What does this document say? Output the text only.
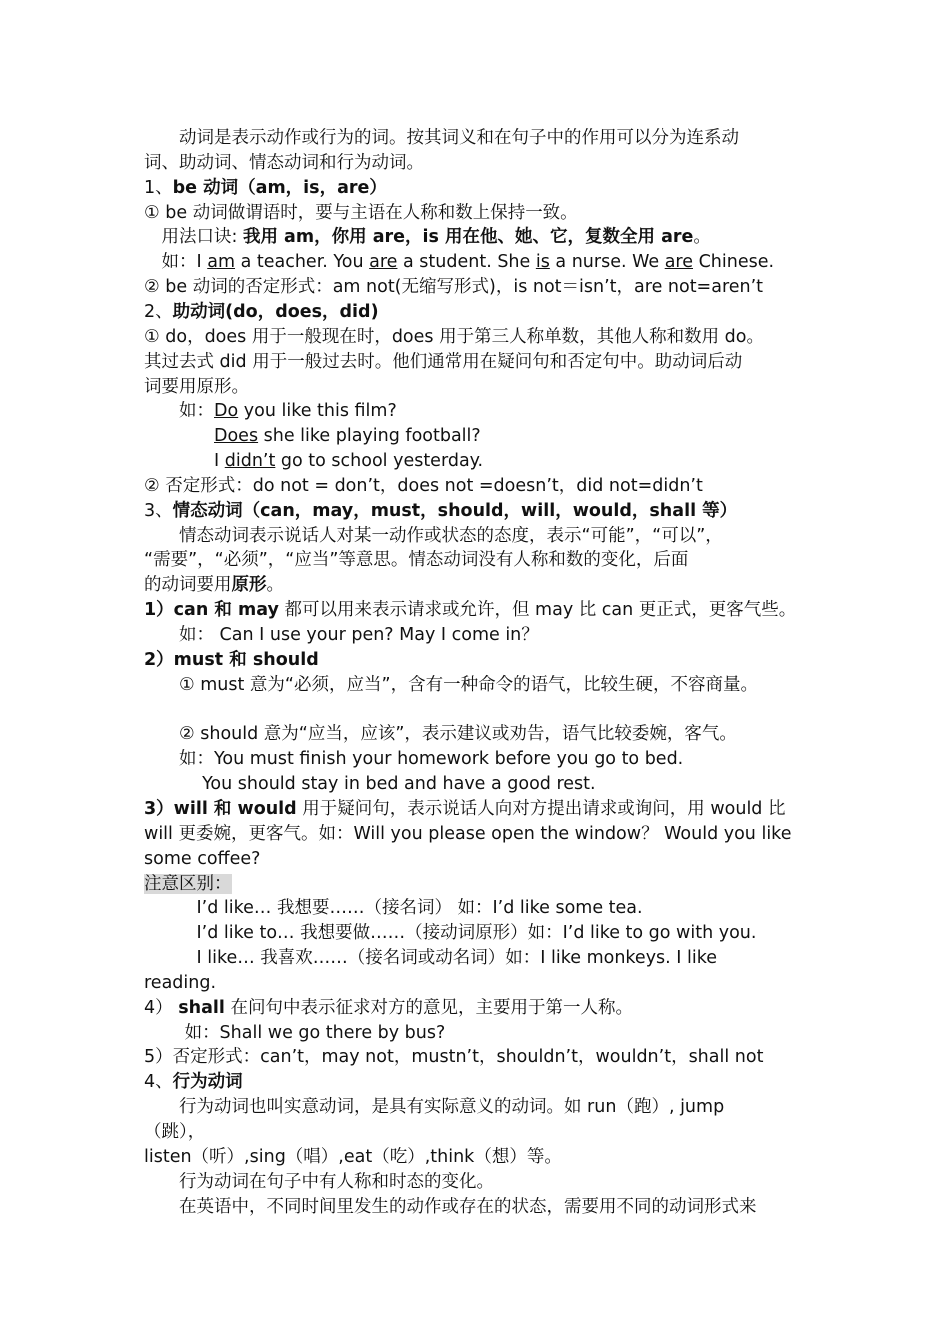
　　动词是表示动作或行为的词。按其词义和在句子中的作用可以分为连系动
词、助动词、情态动词和行为动词。
1、be 动词（am，is，are）
① be 动词做谓语时，要与主语在人称和数上保持一致。
　用法口诀: 我用 am，你用 are，is 用在他、她、它，复数全用 are。
　如：I am a teacher. You are a student. She is a nurse. We are Chinese.
② be 动词的否定形式：am not(无缩写形式)，is not＝isn’t，are not=aren’t
2、助动词(do，does，did)
① do，does 用于一般现在时，does 用于第三人称单数，其他人称和数用 do。
其过去式 did 用于一般过去时。他们通常用在疑问句和否定句中。助动词后动
词要用原形。
　　如：Do you like this film?
　　　　Does she like playing football?
　　　　I didn’t go to school yesterday.
② 否定形式：do not = don’t，does not =doesn’t，did not=didn’t
3、情态动词（can，may，must，should，will，would，shall 等）
　　情态动词表示说话人对某一动作或状态的态度，表示“可能”，“可以”，
“需要”，“必须”，“应当”等意思。情态动词没有人称和数的变化，后面
的动词要用原形。
1）can 和 may 都可以用来表示请求或允许，但 may 比 can 更正式，更客气些。
　　如： Can I use your pen? May I come in？
2）must 和 should
　　① must 意为“必须，应当”，含有一种命令的语气，比较生硬，不容商量。
　　② should 意为“应当，应该”，表示建议或劝告，语气比较委婉，客气。
　　如：You must finish your homework before you go to bed.
　　　 You should stay in bed and have a good rest.
3）will 和 would 用于疑问句，表示说话人向对方提出请求或询问，用 would 比
will 更委婉，更客气。如：Will you please open the window？ Would you like
some coffee?
注意区别：
　　　I’d like… 我想要……（接名词） 如：I’d like some tea.
　　　I’d like to… 我想要做……（接动词原形）如：I’d like to go with you.
　　　I like… 我喜欢……（接名词或动名词）如：I like monkeys. I like
reading.
4） shall 在问句中表示征求对方的意见，主要用于第一人称。
　　 如：Shall we go there by bus?
5）否定形式：can’t，may not，mustn’t，shouldn’t，wouldn’t，shall not
4、行为动词
　　行为动词也叫实意动词，是具有实际意义的动词。如 run（跑）, jump
（跳），
listen（听）,sing（唱）,eat（吃）,think（想）等。
　　行为动词在句子中有人称和时态的变化。
　　在英语中，不同时间里发生的动作或存在的状态，需要用不同的动词形式来
